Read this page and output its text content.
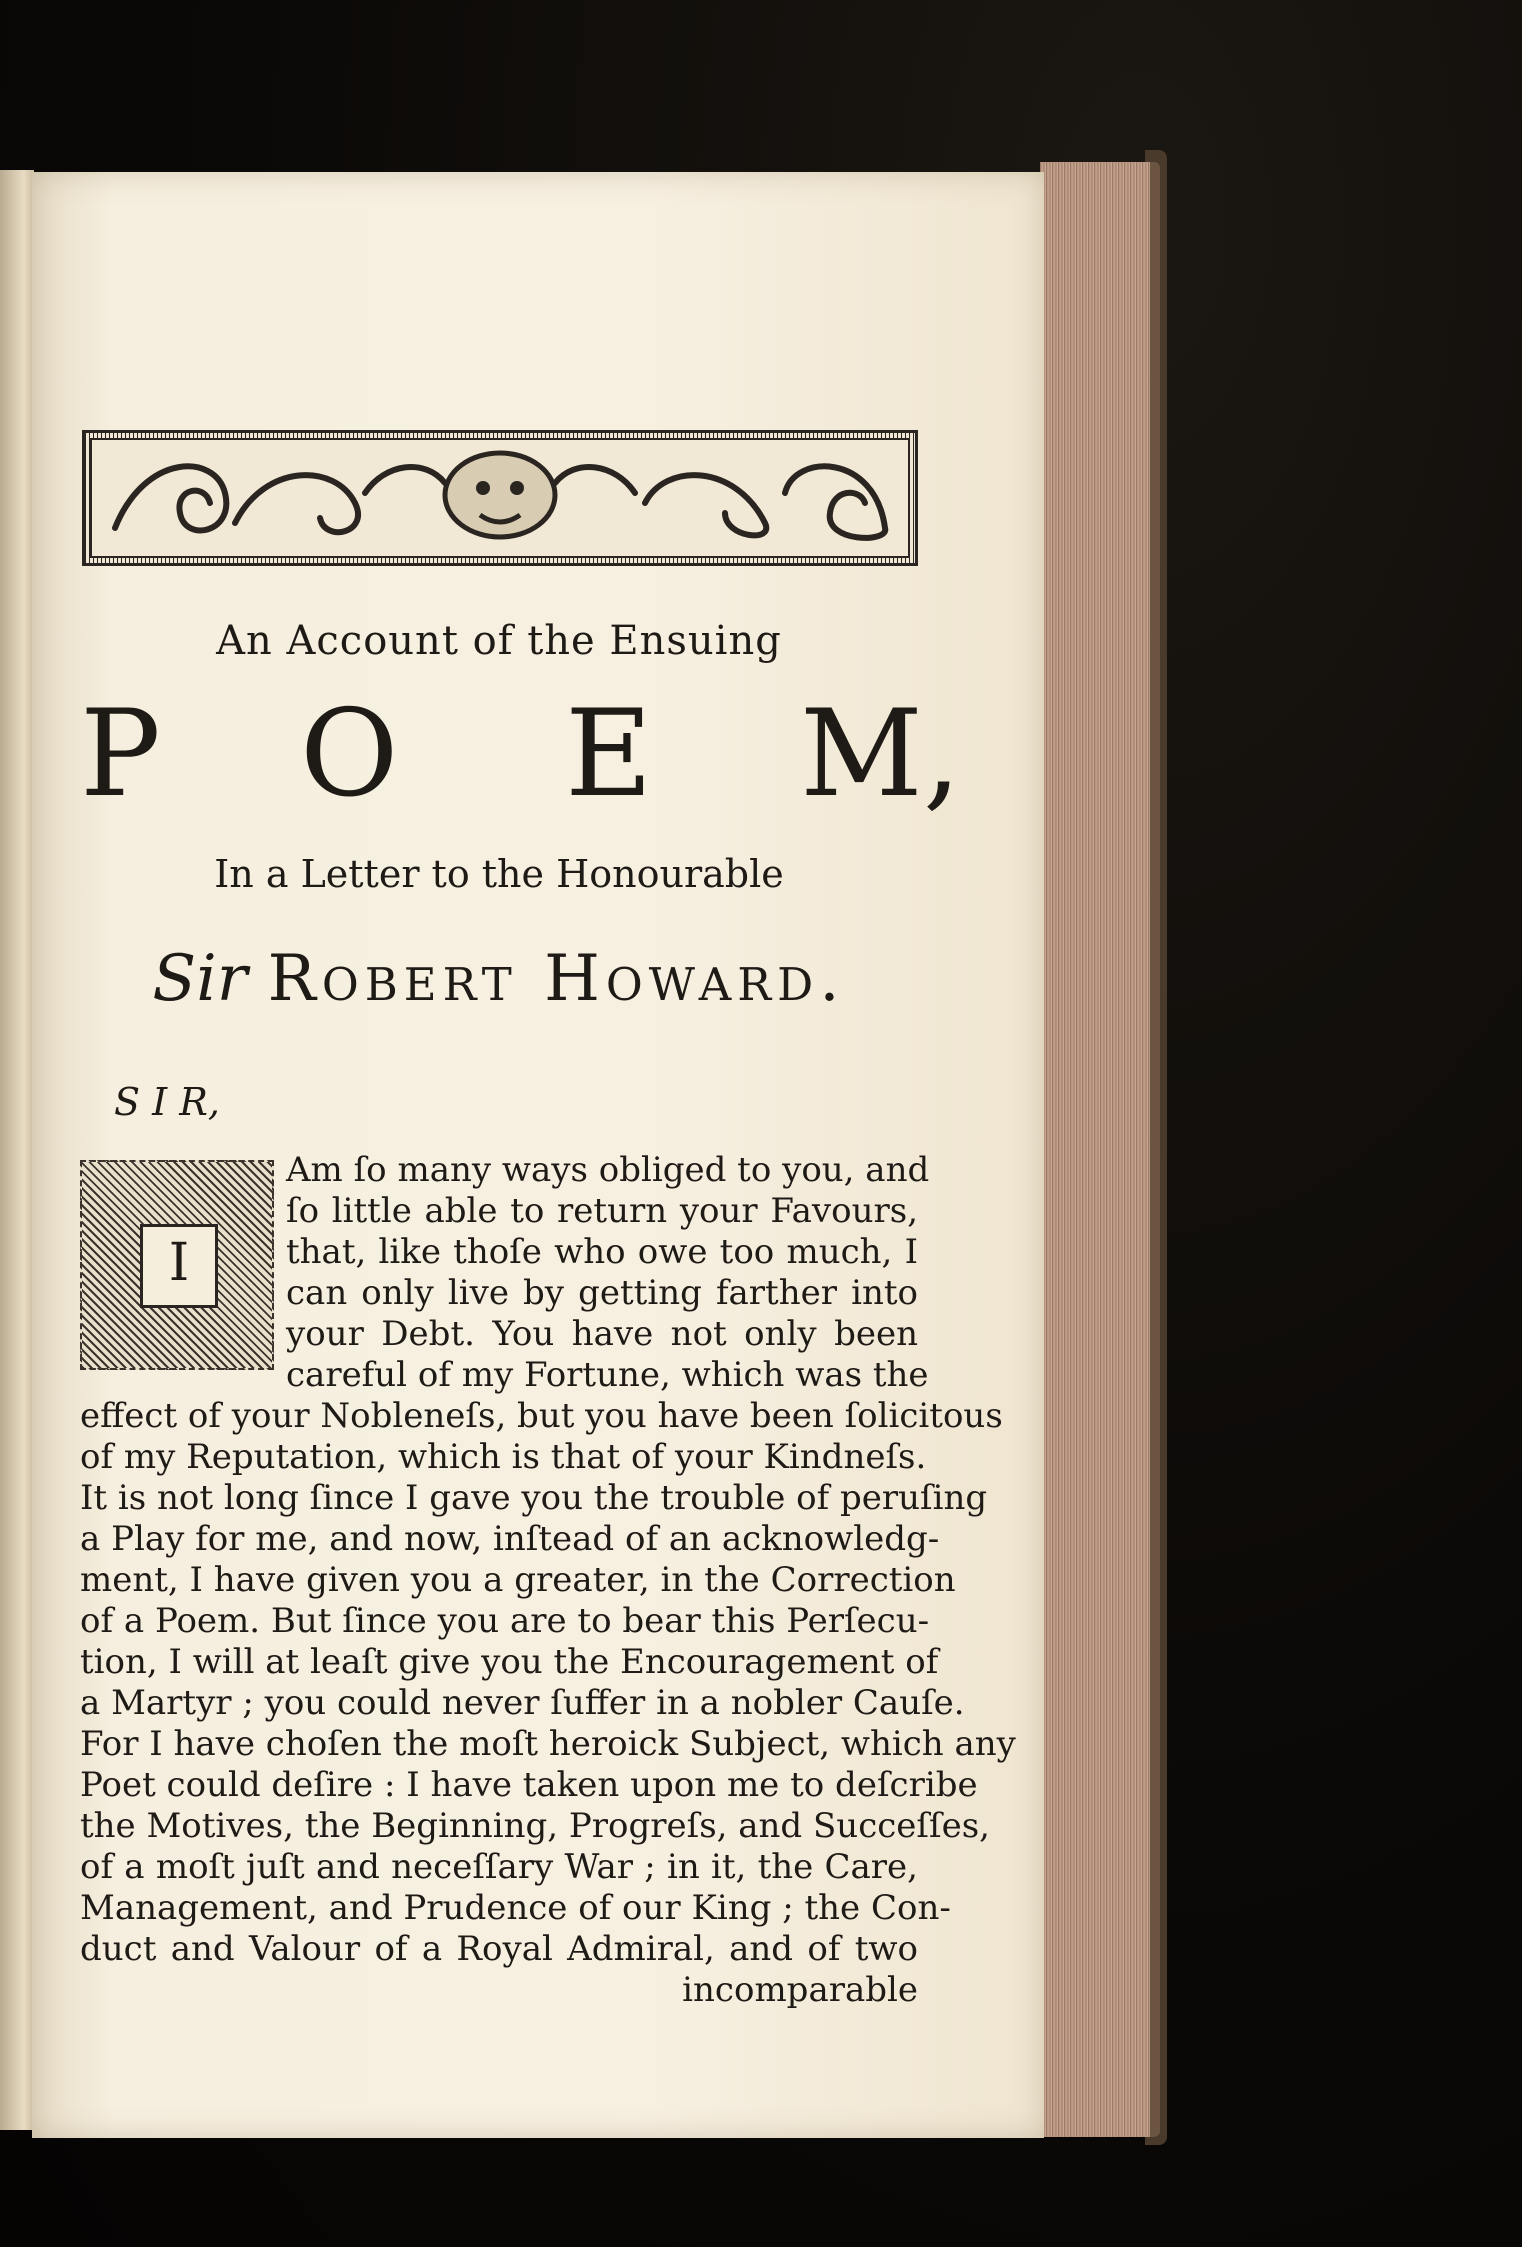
An Account of the Ensuing
P O E M,
In a Letter to the Honourable
Sir Robert Howard.
S I R,
I
Am ſo many ways obliged to you, and
ſo little able to return your Favours,
that, like thoſe who owe too much, I
can only live by getting farther into
your Debt. You have not only been
careful of my Fortune, which was the
effect of your Nobleneſs, but you have been ſolicitous
of my Reputation, which is that of your Kindneſs.
It is not long ſince I gave you the trouble of peruſing
a Play for me, and now, inſtead of an acknowledg-
ment, I have given you a greater, in the Correction
of a Poem. But ſince you are to bear this Perſecu-
tion, I will at leaſt give you the Encouragement of
a Martyr ; you could never ſuffer in a nobler Cauſe.
For I have choſen the moſt heroick Subject, which any
Poet could deſire : I have taken upon me to deſcribe
the Motives, the Beginning, Progreſs, and Succeſſes,
of a moſt juſt and neceſſary War ; in it, the Care,
Management, and Prudence of our King ; the Con-
duct and Valour of a Royal Admiral, and of two
incomparable
